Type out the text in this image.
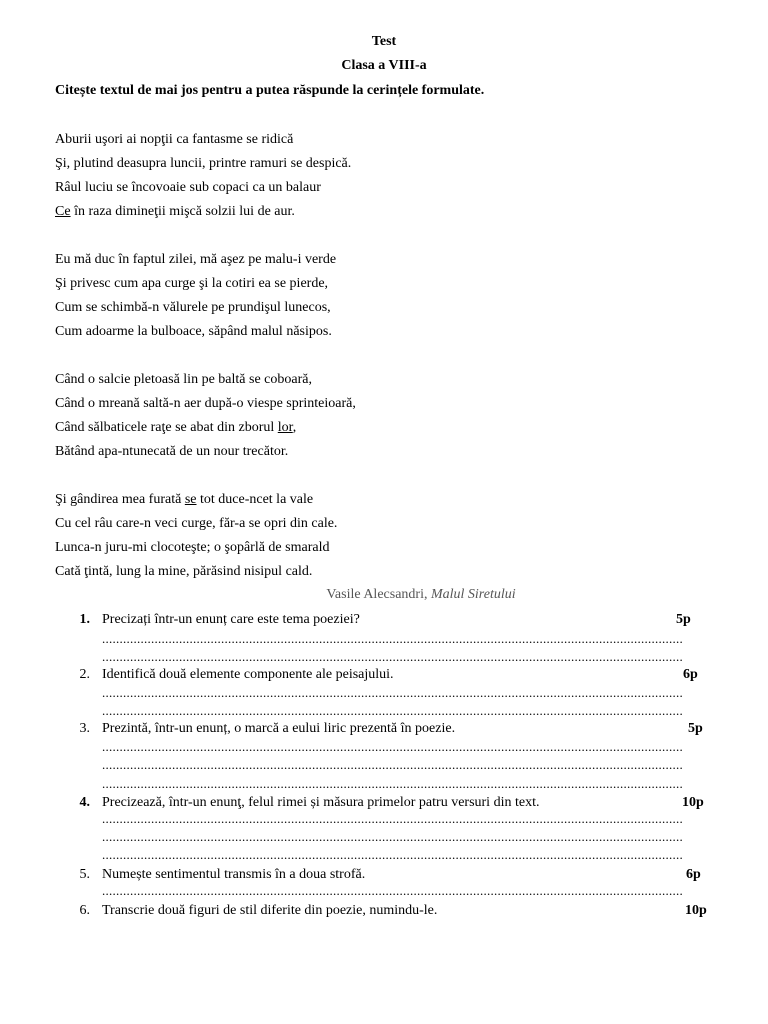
Test
Clasa a VIII-a
Citește textul de mai jos pentru a putea răspunde la cerințele formulate.
Aburii uşori ai nopţii ca fantasme se ridică
Şi, plutind deasupra luncii, printre ramuri se despică.
Râul luciu se încovoaie sub copaci ca un balaur
Ce în raza dimineţii mişcă solzii lui de aur.
Eu mă duc în faptul zilei, mă aşez pe malu-i verde
Şi privesc cum apa curge şi la cotiri ea se pierde,
Cum se schimbă-n vălurele pe prundişul lunecos,
Cum adoarme la bulboace, săpând malul năsipos.
Când o salcie pletoasă lin pe baltă se coboară,
Când o mreană saltă-n aer după-o viespe sprinteioară,
Când sălbaticele raţe se abat din zborul lor,
Bătând apa-ntunecată de un nour trecător.
Şi gândirea mea furată se tot duce-ncet la vale
Cu cel râu care-n veci curge, făr-a se opri din cale.
Lunca-n juru-mi clocoteşte; o şopârlă de smarald
Cată ţintă, lung la mine, părăsind nisipul cald.
Vasile Alecsandri, Malul Siretului
1. Precizați într-un enunț care este tema poeziei?	5p
......................................................................................................................................................................
......................................................................................................................................................................
2. Identifică două elemente componente ale peisajului.	6p
......................................................................................................................................................................
......................................................................................................................................................................
3. Prezintă, într-un enunț, o marcă a eului liric prezentă în poezie.	5p
......................................................................................................................................................................
......................................................................................................................................................................
......................................................................................................................................................................
4. Precizează, într-un enunţ, felul rimei și măsura primelor patru versuri din text.	10p
......................................................................................................................................................................
......................................................................................................................................................................
......................................................................................................................................................................
5. Numește sentimentul transmis în a doua strofă.	6p
......................................................................................................................................................................
6. Transcrie două figuri de stil diferite din poezie, numindu-le.	10p
